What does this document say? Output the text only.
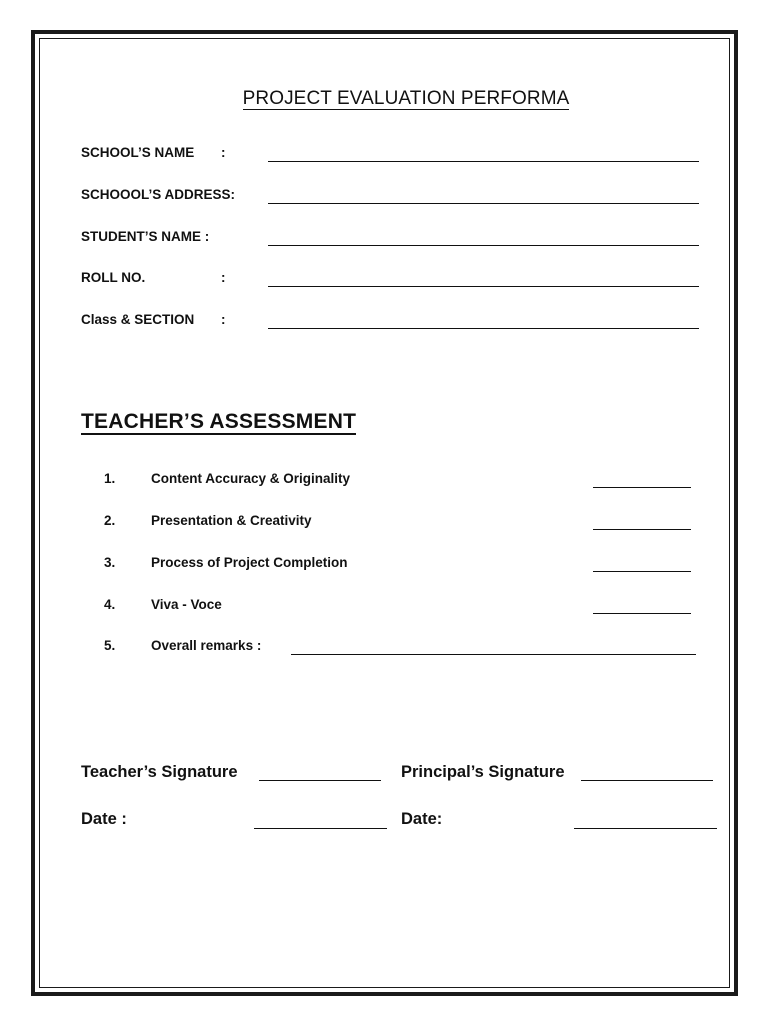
PROJECT EVALUATION PERFORMA
SCHOOL’S NAME :
SCHOOOL’S ADDRESS:
STUDENT’S NAME :
ROLL NO.	:
Class & SECTION :
TEACHER’S ASSESSMENT
1.	Content Accuracy & Originality
2.	Presentation & Creativity
3.	Process of Project Completion
4.	Viva - Voce
5.	Overall remarks :
Teacher’s Signature	Principal’s Signature
Date :	Date:
